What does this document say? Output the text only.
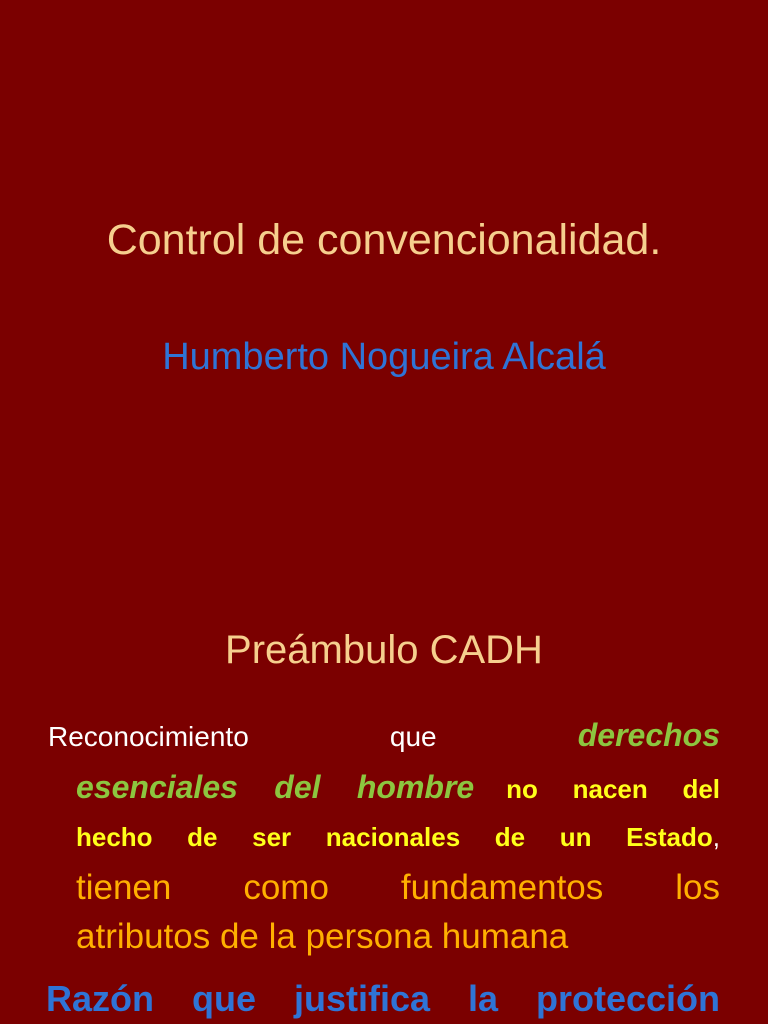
Control de convencionalidad.
Humberto Nogueira Alcalá
Preámbulo CADH
Reconocimiento	que	derechos
esenciales del hombre no nacen del
hecho de ser nacionales de un Estado,
tienen como fundamentos los
atributos de la persona humana
Razón que justifica la protección
